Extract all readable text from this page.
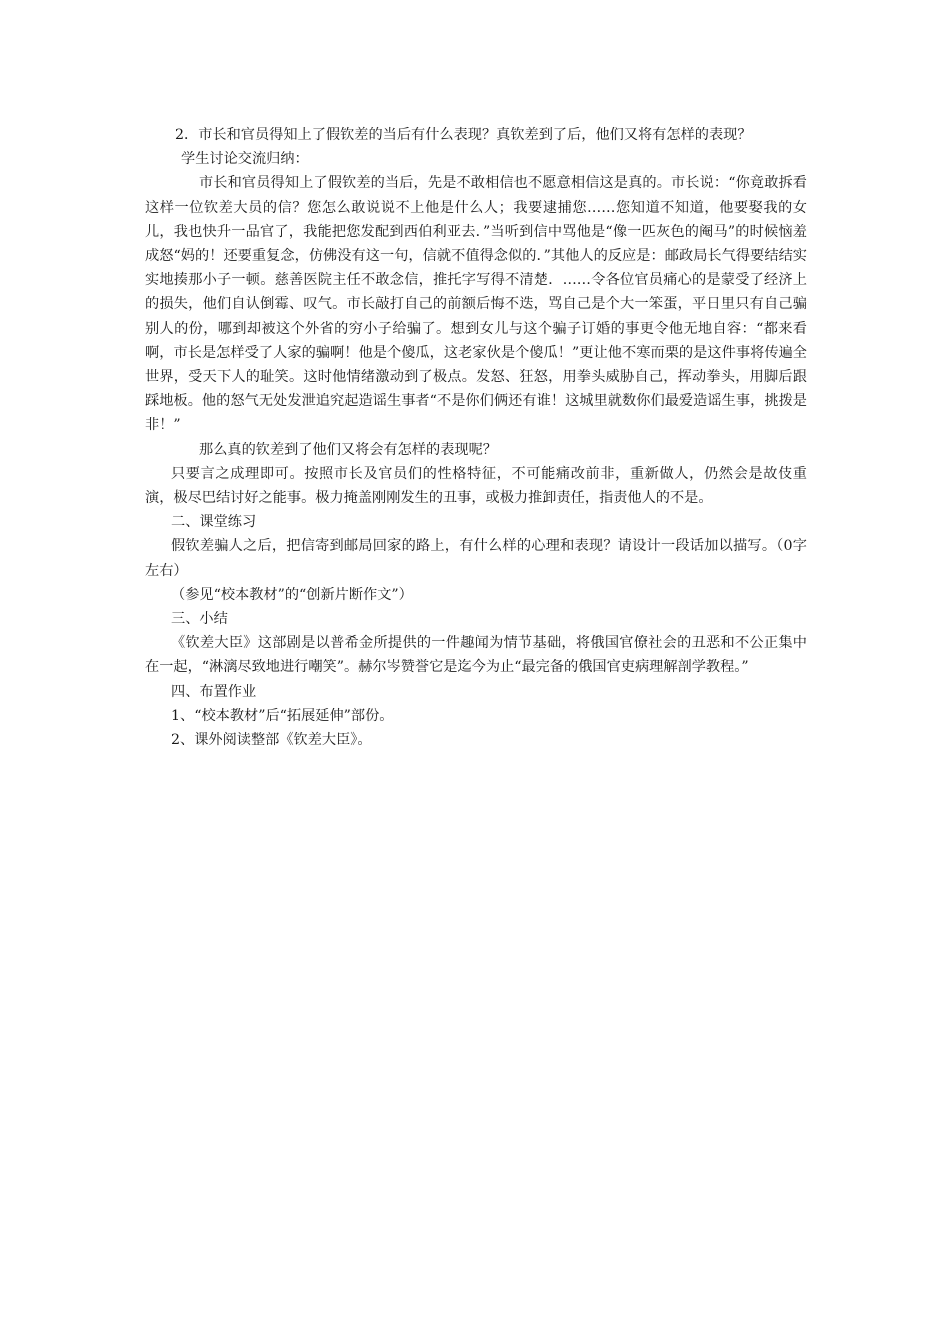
2．市长和官员得知上了假钦差的当后有什么表现？真钦差到了后，他们又将有怎样的表现？

学生讨论交流归纳：

市长和官员得知上了假钦差的当后，先是不敢相信也不愿意相信这是真的。市长说：“你竟敢拆看这样一位钦差大员的信？您怎么敢说说不上他是什么人；我要逮捕您……您知道不知道，他要娶我的女儿，我也快升一品官了，我能把您发配到西伯利亚去．”当听到信中骂他是“像一匹灰色的阉马”的时候恼羞成怒“妈的！还要重复念，仿佛没有这一句，信就不值得念似的．”其他人的反应是：邮政局长气得要结结实实地揍那小子一顿。慈善医院主任不敢念信，推托字写得不清楚．……令各位官员痛心的是蒙受了经济上的损失，他们自认倒霉、叹气。市长敲打自己的前额后悔不迭，骂自己是个大一笨蛋，平日里只有自己骗别人的份，哪到却被这个外省的穷小子给骗了。想到女儿与这个骗子订婚的事更令他无地自容：“都来看啊，市长是怎样受了人家的骗啊！他是个傻瓜，这老家伙是个傻瓜！”更让他不寒而栗的是这件事将传遍全世界，受天下人的耻笑。这时他情绪激动到了极点。发怒、狂怒，用拳头威胁自己，挥动拳头，用脚后跟踩地板。他的怒气无处发泄追究起造谣生事者“不是你们俩还有谁！这城里就数你们最爱造谣生事，挑拨是非！”

那么真的钦差到了他们又将会有怎样的表现呢？

只要言之成理即可。按照市长及官员们的性格特征，不可能痛改前非，重新做人，仍然会是故伎重演，极尽巴结讨好之能事。极力掩盖刚刚发生的丑事，或极力推卸责任，指责他人的不是。

二、课堂练习

假钦差骗人之后，把信寄到邮局回家的路上，有什么样的心理和表现？请设计一段话加以描写。（0字左右）

（参见“校本教材”的“创新片断作文”）

三、小结

《钦差大臣》这部剧是以普希金所提供的一件趣闻为情节基础，将俄国官僚社会的丑恶和不公正集中在一起，“淋漓尽致地进行嘲笑”。赫尔岑赞誉它是迄今为止“最完备的俄国官吏病理解剖学教程。”

四、布置作业

1、“校本教材”后“拓展延伸”部份。

2、课外阅读整部《钦差大臣》。
